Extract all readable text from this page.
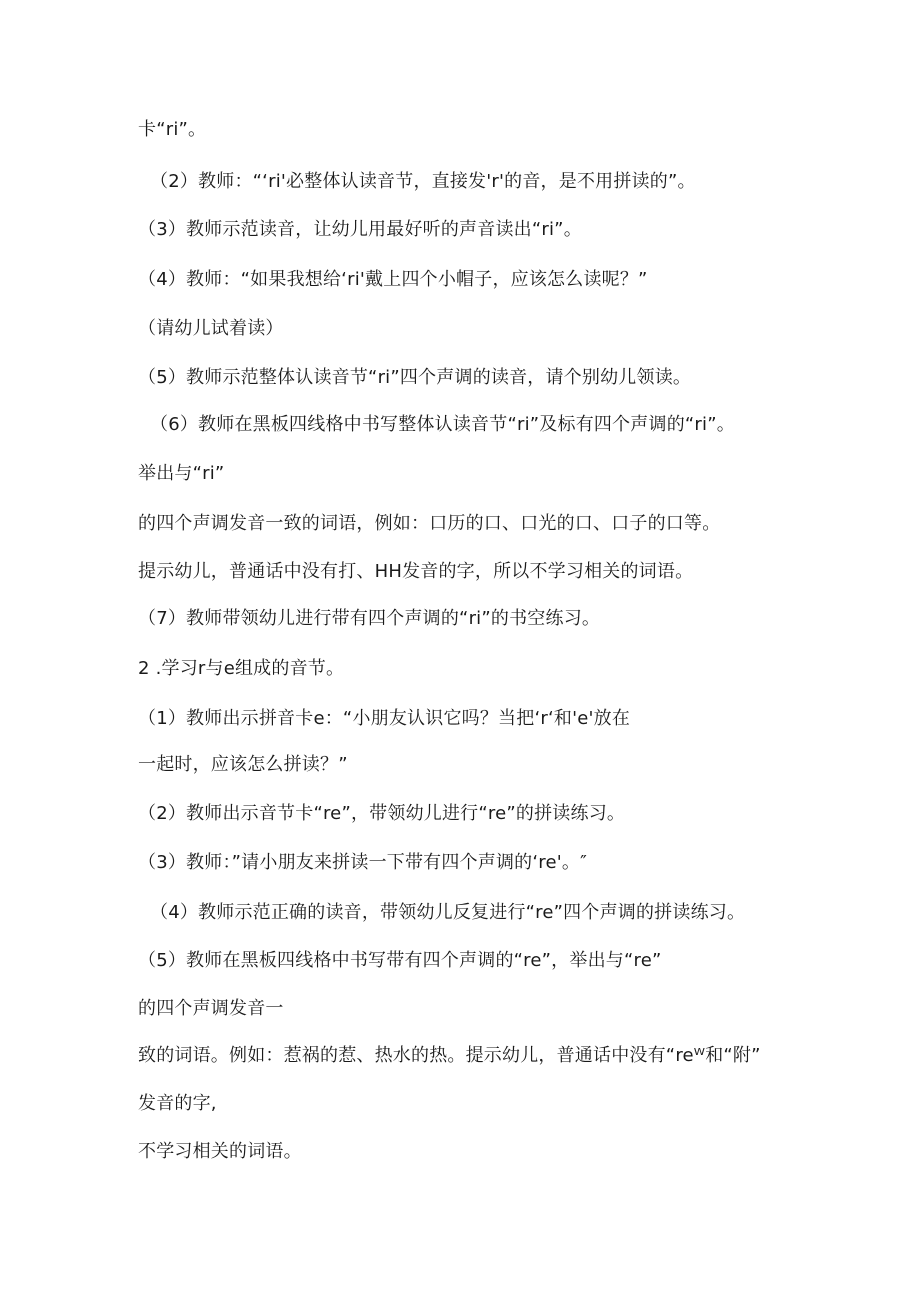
卡“ri”。
（2）教师：“‘ri'必整体认读音节，直接发'r'的音，是不用拼读的”。
（3）教师示范读音，让幼儿用最好听的声音读出“ri”。
（4）教师：“如果我想给‘ri'戴上四个小帽子，应该怎么读呢？”
（请幼儿试着读）
（5）教师示范整体认读音节“ri”四个声调的读音，请个别幼儿领读。
（6）教师在黑板四线格中书写整体认读音节“ri”及标有四个声调的“ri”。
举出与“ri”
的四个声调发音一致的词语，例如：口历的口、口光的口、口子的口等。
提示幼儿，普通话中没有打、HH发音的字，所以不学习相关的词语。
（7）教师带领幼儿进行带有四个声调的“ri”的书空练习。
2 .学习r与e组成的音节。
（1）教师出示拼音卡e：“小朋友认识它吗？当把‘r‘和'e'放在
一起时，应该怎么拼读？”
（2）教师出示音节卡“re”，带领幼儿进行“re”的拼读练习。
（3）教师：”请小朋友来拼读一下带有四个声调的‘re'。″
（4）教师示范正确的读音，带领幼儿反复进行“re”四个声调的拼读练习。
（5）教师在黑板四线格中书写带有四个声调的“re”，举出与“re”
的四个声调发音一
致的词语。例如：惹祸的惹、热水的热。提示幼儿，普通话中没有“reᵂ和“附”
发音的字,
不学习相关的词语。
